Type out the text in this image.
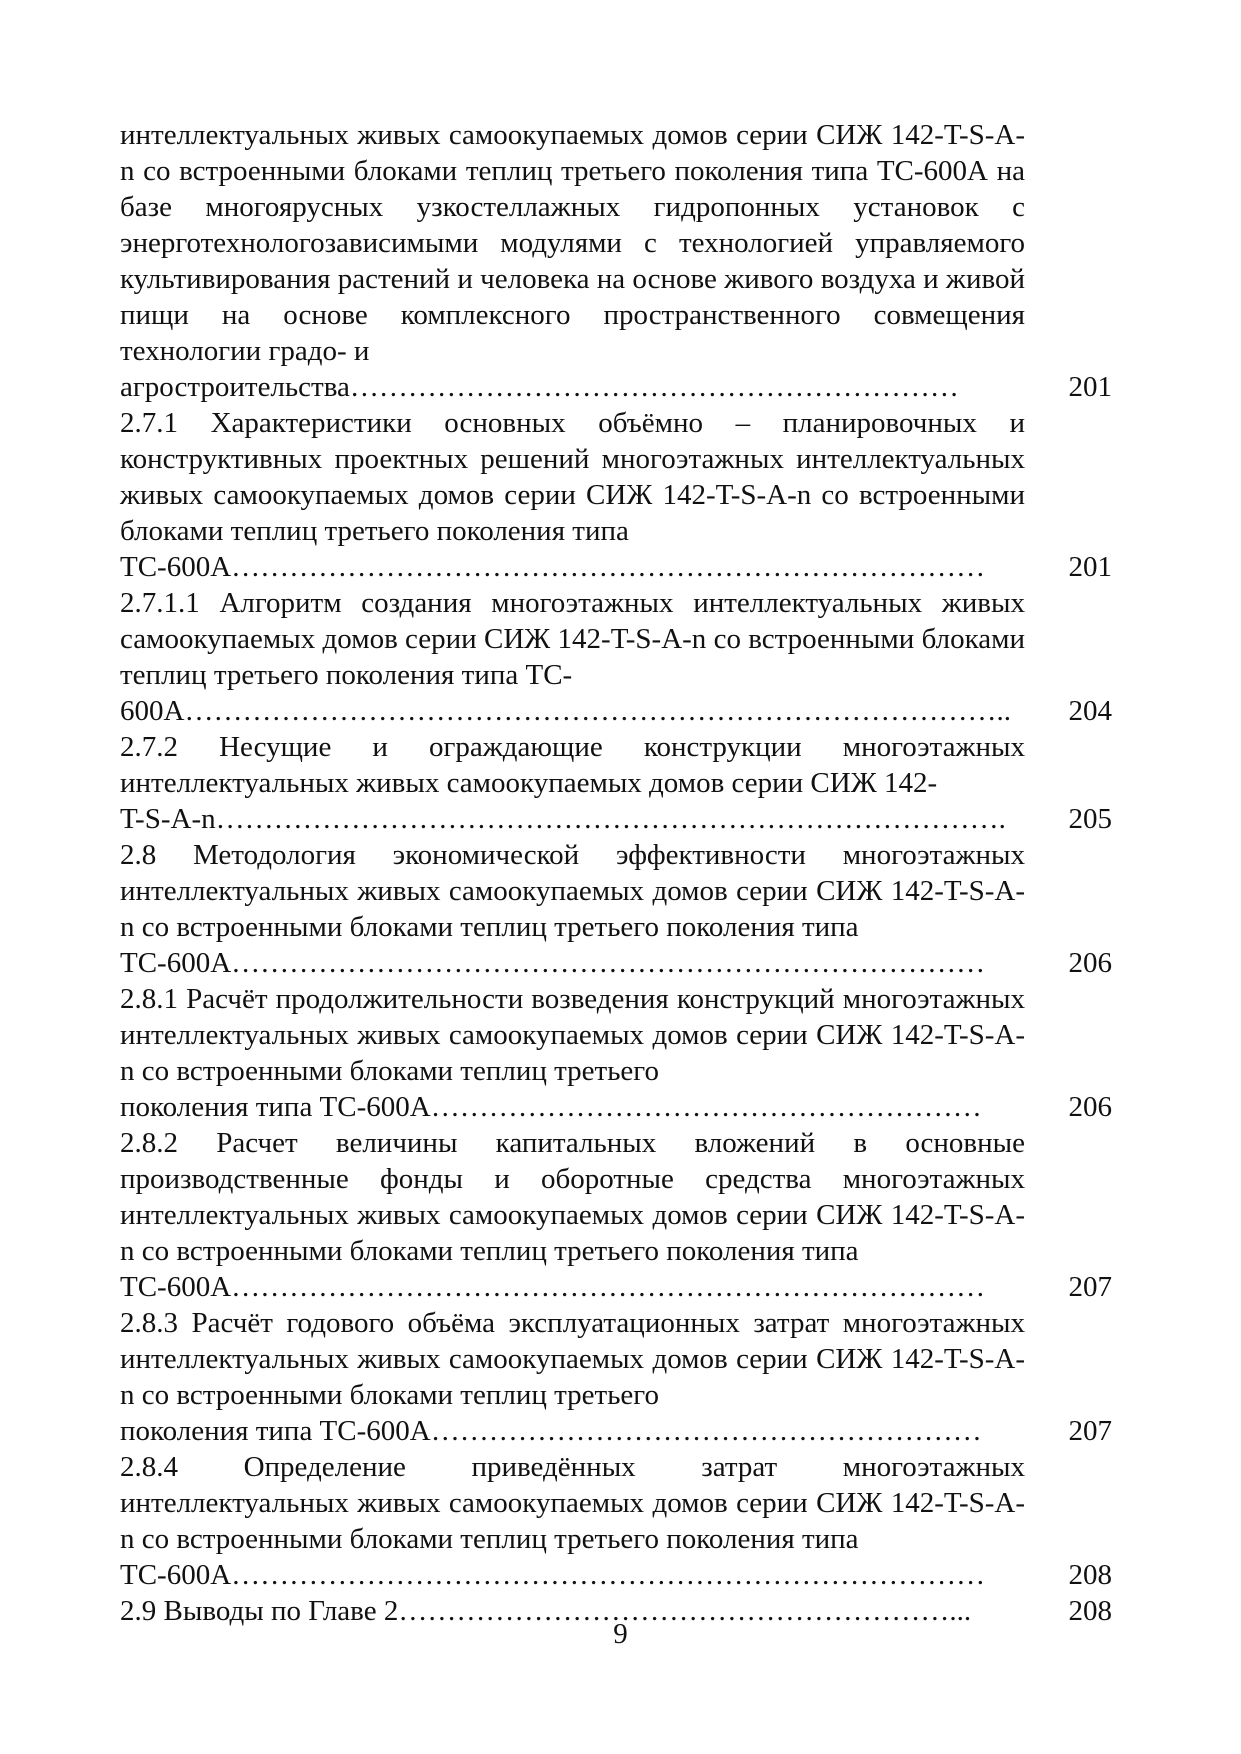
интеллектуальных живых самоокупаемых домов серии СИЖ 142-T-S-A-n со встроенными блоками теплиц третьего поколения типа ТС-600А на базе многоярусных узкостеллажных гидропонных установок с энерготехнологозависимыми модулями с технологией управляемого культивирования растений и человека на основе живого воздуха и живой пищи на основе комплексного пространственного совмещения технологии градо- и
агростроительства………………………………………………………	201
2.7.1 Характеристики основных объёмно – планировочных и конструктивных проектных решений многоэтажных интеллектуальных живых самоокупаемых домов серии СИЖ 142-T-S-A-n со встроенными блоками теплиц третьего поколения типа
ТС-600А……………………………………………………………………	201
2.7.1.1 Алгоритм создания многоэтажных интеллектуальных живых самоокупаемых домов серии СИЖ 142-T-S-A-n со встроенными блоками теплиц третьего поколения типа ТС-
600А…………………………………………………………………………..	204
2.7.2 Несущие и ограждающие конструкции многоэтажных интеллектуальных живых самоокупаемых домов серии СИЖ 142-
T-S-A-n……………………………………………………………………….	205
2.8 Методология экономической эффективности многоэтажных интеллектуальных живых самоокупаемых домов серии СИЖ 142-T-S-A-n со встроенными блоками теплиц третьего поколения типа
ТС-600А……………………………………………………………………	206
2.8.1 Расчёт продолжительности возведения конструкций многоэтажных интеллектуальных живых самоокупаемых домов серии СИЖ 142-T-S-A-n со встроенными блоками теплиц третьего
поколения типа ТС-600А…………………………………………………	206
2.8.2 Расчет величины капитальных вложений в основные производственные фонды и оборотные средства многоэтажных интеллектуальных живых самоокупаемых домов серии СИЖ 142-T-S-A-n со встроенными блоками теплиц третьего поколения типа
ТС-600А……………………………………………………………………	207
2.8.3 Расчёт годового объёма эксплуатационных затрат многоэтажных интеллектуальных живых самоокупаемых домов серии СИЖ 142-T-S-A-n со встроенными блоками теплиц третьего
поколения типа ТС-600А…………………………………………………	207
2.8.4 Определение приведённых затрат многоэтажных интеллектуальных живых самоокупаемых домов серии СИЖ 142-T-S-A-n со встроенными блоками теплиц третьего поколения типа
ТС-600А……………………………………………………………………	208
2.9 Выводы по Главе 2…………………………………………………...	208
9
